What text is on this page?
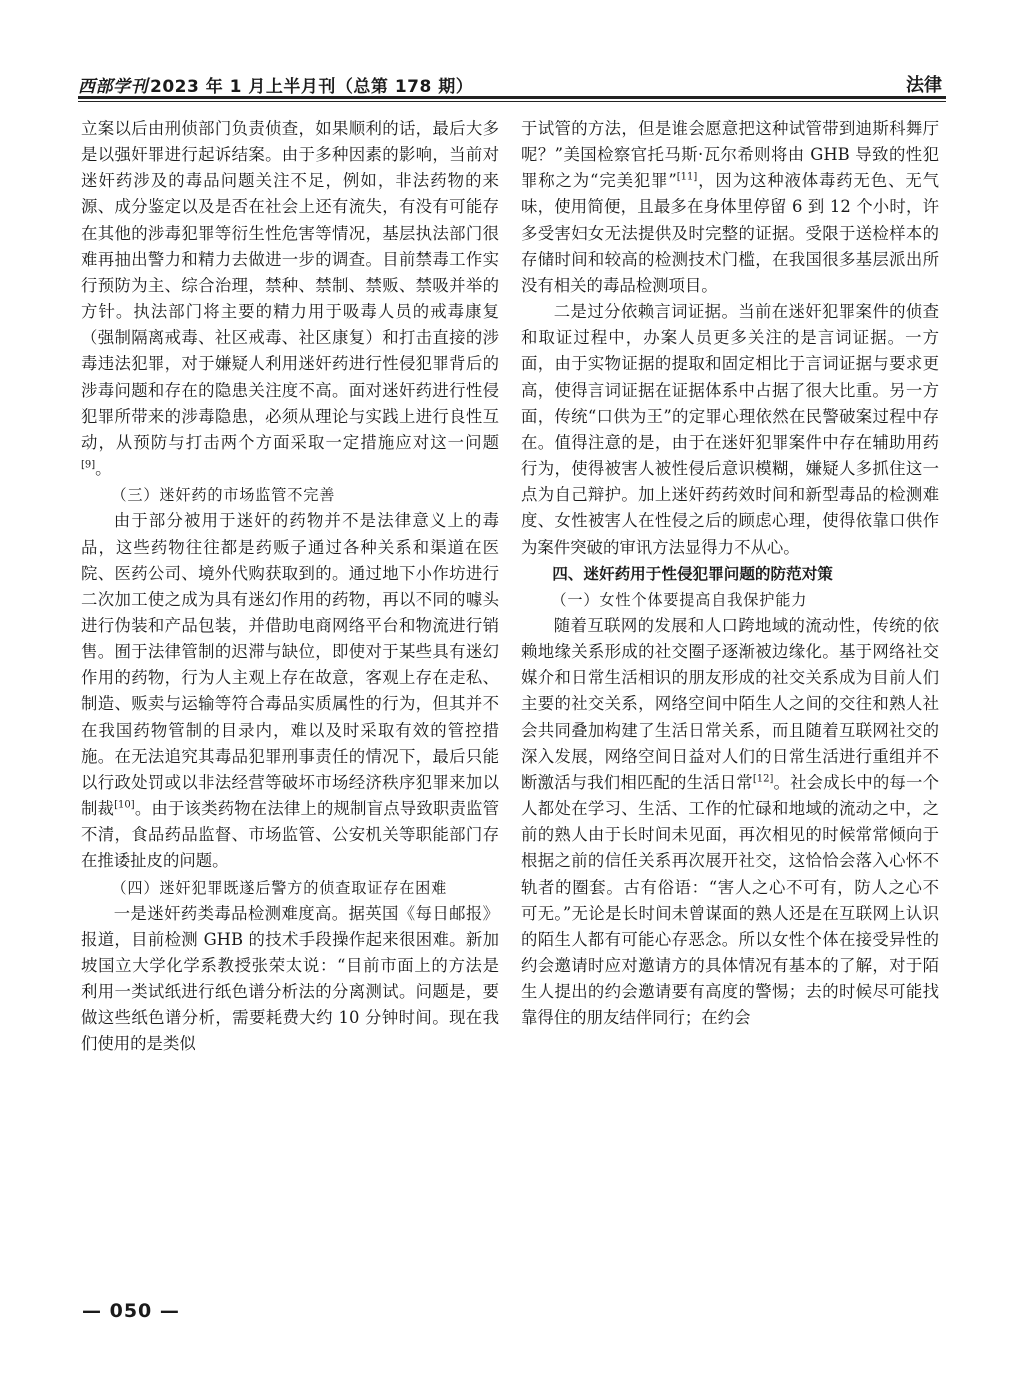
西部学刊 2023 年 1 月上半月刊（总第 178 期）	法律

立案以后由刑侦部门负责侦查，如果顺利的话，最后大多是以强奸罪进行起诉结案。由于多种因素的影响，当前对迷奸药涉及的毒品问题关注不足，例如，非法药物的来源、成分鉴定以及是否在社会上还有流失，有没有可能存在其他的涉毒犯罪等衍生性危害等情况，基层执法部门很难再抽出警力和精力去做进一步的调查。目前禁毒工作实行预防为主、综合治理，禁种、禁制、禁贩、禁吸并举的方针。执法部门将主要的精力用于吸毒人员的戒毒康复（强制隔离戒毒、社区戒毒、社区康复）和打击直接的涉毒违法犯罪，对于嫌疑人利用迷奸药进行性侵犯罪背后的涉毒问题和存在的隐患关注度不高。面对迷奸药进行性侵犯罪所带来的涉毒隐患，必须从理论与实践上进行良性互动，从预防与打击两个方面采取一定措施应对这一问题[9]。

（三）迷奸药的市场监管不完善

由于部分被用于迷奸的药物并不是法律意义上的毒品，这些药物往往都是药贩子通过各种关系和渠道在医院、医药公司、境外代购获取到的。通过地下小作坊进行二次加工使之成为具有迷幻作用的药物，再以不同的噱头进行伪装和产品包装，并借助电商网络平台和物流进行销售。囿于法律管制的迟滞与缺位，即使对于某些具有迷幻作用的药物，行为人主观上存在故意，客观上存在走私、制造、贩卖与运输等符合毒品实质属性的行为，但其并不在我国药物管制的目录内，难以及时采取有效的管控措施。在无法追究其毒品犯罪刑事责任的情况下，最后只能以行政处罚或以非法经营等破坏市场经济秩序犯罪来加以制裁[10]。由于该类药物在法律上的规制盲点导致职责监管不清，食品药品监督、市场监管、公安机关等职能部门存在推诿扯皮的问题。

（四）迷奸犯罪既遂后警方的侦查取证存在困难

一是迷奸药类毒品检测难度高。据英国《每日邮报》报道，目前检测 GHB 的技术手段操作起来很困难。新加坡国立大学化学系教授张荣太说：“目前市面上的方法是利用一类试纸进行纸色谱分析法的分离测试。问题是，要做这些纸色谱分析，需要耗费大约 10 分钟时间。现在我们使用的是类似

于试管的方法，但是谁会愿意把这种试管带到迪斯科舞厅呢？”美国检察官托马斯·瓦尔希则将由 GHB 导致的性犯罪称之为“完美犯罪”[11]，因为这种液体毒药无色、无气味，使用简便，且最多在身体里停留 6 到 12 个小时，许多受害妇女无法提供及时完整的证据。受限于送检样本的存储时间和较高的检测技术门槛，在我国很多基层派出所没有相关的毒品检测项目。

二是过分依赖言词证据。当前在迷奸犯罪案件的侦查和取证过程中，办案人员更多关注的是言词证据。一方面，由于实物证据的提取和固定相比于言词证据与要求更高，使得言词证据在证据体系中占据了很大比重。另一方面，传统“口供为王”的定罪心理依然在民警破案过程中存在。值得注意的是，由于在迷奸犯罪案件中存在辅助用药行为，使得被害人被性侵后意识模糊，嫌疑人多抓住这一点为自己辩护。加上迷奸药药效时间和新型毒品的检测难度、女性被害人在性侵之后的顾虑心理，使得依靠口供作为案件突破的审讯方法显得力不从心。

四、迷奸药用于性侵犯罪问题的防范对策

（一）女性个体要提高自我保护能力

随着互联网的发展和人口跨地域的流动性，传统的依赖地缘关系形成的社交圈子逐渐被边缘化。基于网络社交媒介和日常生活相识的朋友形成的社交关系成为目前人们主要的社交关系，网络空间中陌生人之间的交往和熟人社会共同叠加构建了生活日常关系，而且随着互联网社交的深入发展，网络空间日益对人们的日常生活进行重组并不断激活与我们相匹配的生活日常[12]。社会成长中的每一个人都处在学习、生活、工作的忙碌和地域的流动之中，之前的熟人由于长时间未见面，再次相见的时候常常倾向于根据之前的信任关系再次展开社交，这恰恰会落入心怀不轨者的圈套。古有俗语：“害人之心不可有，防人之心不可无。”无论是长时间未曾谋面的熟人还是在互联网上认识的陌生人都有可能心存恶念。所以女性个体在接受异性的约会邀请时应对邀请方的具体情况有基本的了解，对于陌生人提出的约会邀请要有高度的警惕；去的时候尽可能找靠得住的朋友结伴同行；在约会

— 050 —
